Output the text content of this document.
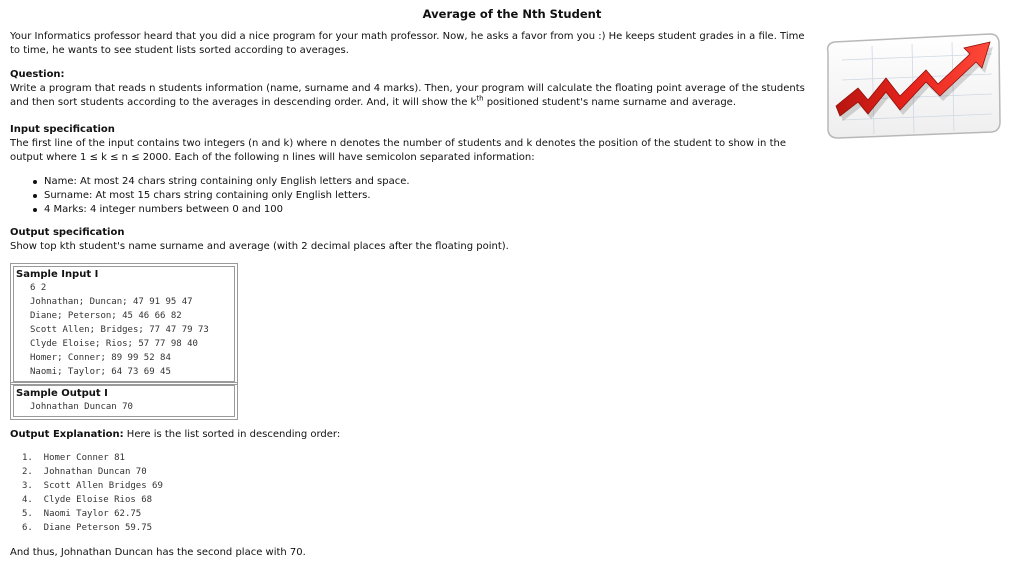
Average of the Nth Student

Your Informatics professor heard that you did a nice program for your math professor. Now, he asks a favor from you :) He keeps student grades in a file. Time to time, he wants to see student lists sorted according to averages.

Question:

Write a program that reads n students information (name, surname and 4 marks). Then, your program will calculate the floating point average of the students and then sort students according to the averages in descending order. And, it will show the $k^{th}$ positioned student's name surname and average.

Input specification

The first line of the input contains two integers (n and k) where n denotes the number of students and k denotes the position of the student to show in the output where 1 ≤ k ≤ n ≤ 2000. Each of the following n lines will have semicolon separated information:

Name: At most 24 chars string containing only English letters and space.
Surname: At most 15 chars string containing only English letters.
4 Marks: 4 integer numbers between 0 and 100
Output specification

Show top kth student's name surname and average (with 2 decimal places after the floating point).

Sample Input I
6 2
Johnathan; Duncan; 47 91 95 47
Diane; Peterson; 45 46 66 82
Scott Allen; Bridges; 77 47 79 73
Clyde Eloise; Rios; 57 77 98 40
Homer; Conner; 89 99 52 84
Naomi; Taylor; 64 73 69 45
Sample Output I
Johnathan Duncan 70

Output Explanation: Here is the list sorted in descending order:

1.  Homer Conner 81
2.  Johnathan Duncan 70
3.  Scott Allen Bridges 69
4.  Clyde Eloise Rios 68
5.  Naomi Taylor 62.75
6.  Diane Peterson 59.75

And thus, Johnathan Duncan has the second place with 70.
